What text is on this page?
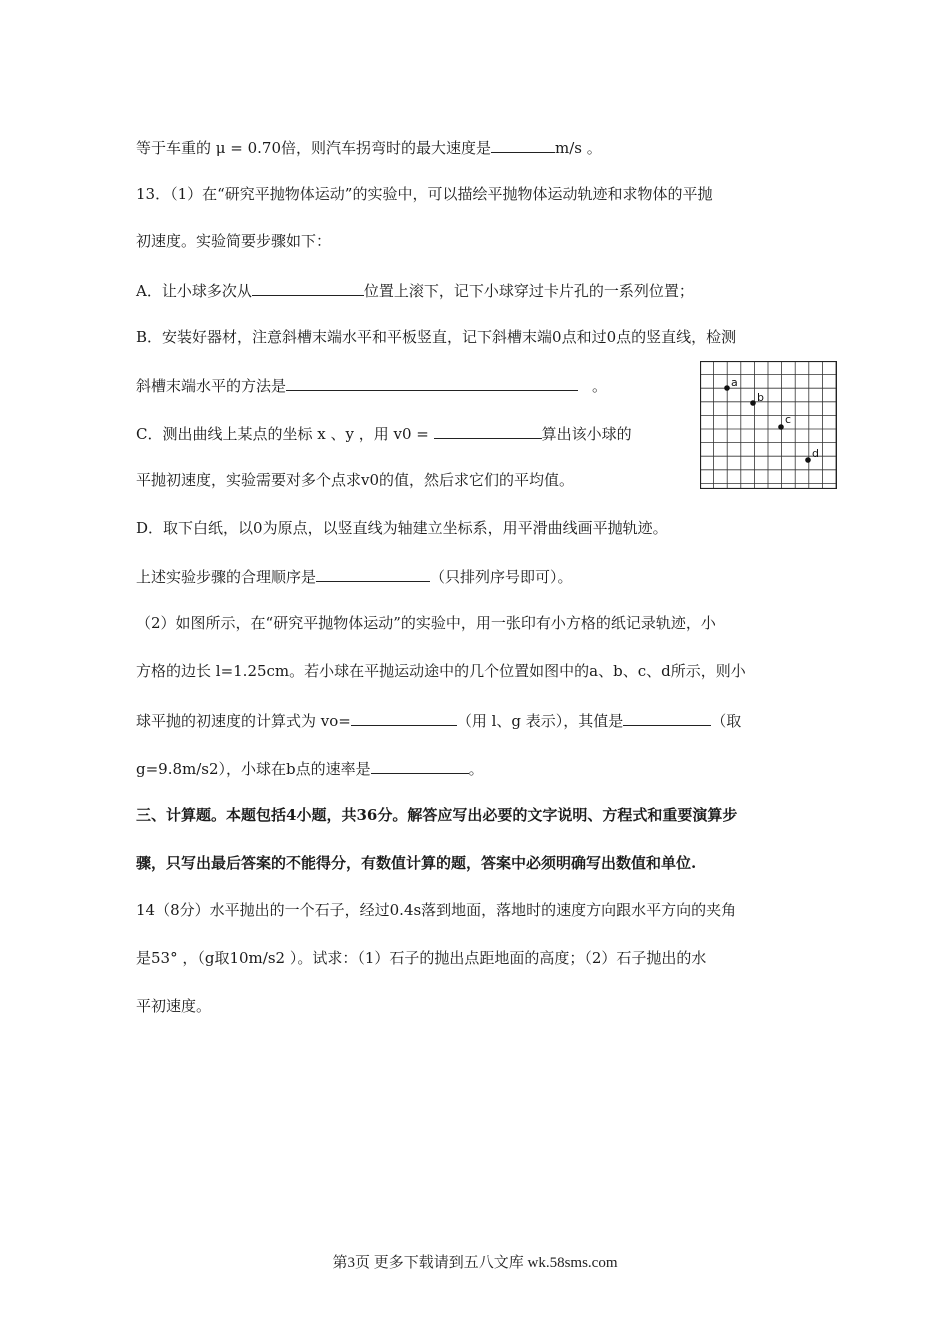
等于车重的 μ = 0.70倍，则汽车拐弯时的最大速度是	m/s 。
13．（1）在“研究平抛物体运动”的实验中，可以描绘平抛物体运动轨迹和求物体的平抛
初速度。实验简要步骤如下：
A．让小球多次从	位置上滚下，记下小球穿过卡片孔的一系列位置；
B．安装好器材，注意斜槽末端水平和平板竖直，记下斜槽末端0点和过0点的竖直线，检测
斜槽末端水平的方法是	。
C．测出曲线上某点的坐标 x 、y ，用 v0 =	算出该小球的
平抛初速度，实验需要对多个点求v0的值，然后求它们的平均值。
D．取下白纸，以0为原点，以竖直线为轴建立坐标系，用平滑曲线画平抛轨迹。
上述实验步骤的合理顺序是	（只排列序号即可）。
（2）如图所示，在“研究平抛物体运动”的实验中，用一张印有小方格的纸记录轨迹，小
方格的边长 l=1.25cm。若小球在平抛运动途中的几个位置如图中的a、b、c、d所示，则小
球平抛的初速度的计算式为 vo=	（用 l、g 表示），其值是	（取
g=9.8m/s2），小球在b点的速率是	。
三、计算题。本题包括4小题，共36分。解答应写出必要的文字说明、方程式和重要演算步
骤，只写出最后答案的不能得分，有数值计算的题，答案中必须明确写出数值和单位.
14（8分）水平抛出的一个石子，经过0.4s落到地面，落地时的速度方向跟水平方向的夹角
是53° ，（g取10m/s2 ）。试求：（1）石子的抛出点距地面的高度；（2）石子抛出的水
平初速度。
a
b
c
d
第3页 更多下载请到五八文库 wk.58sms.com
